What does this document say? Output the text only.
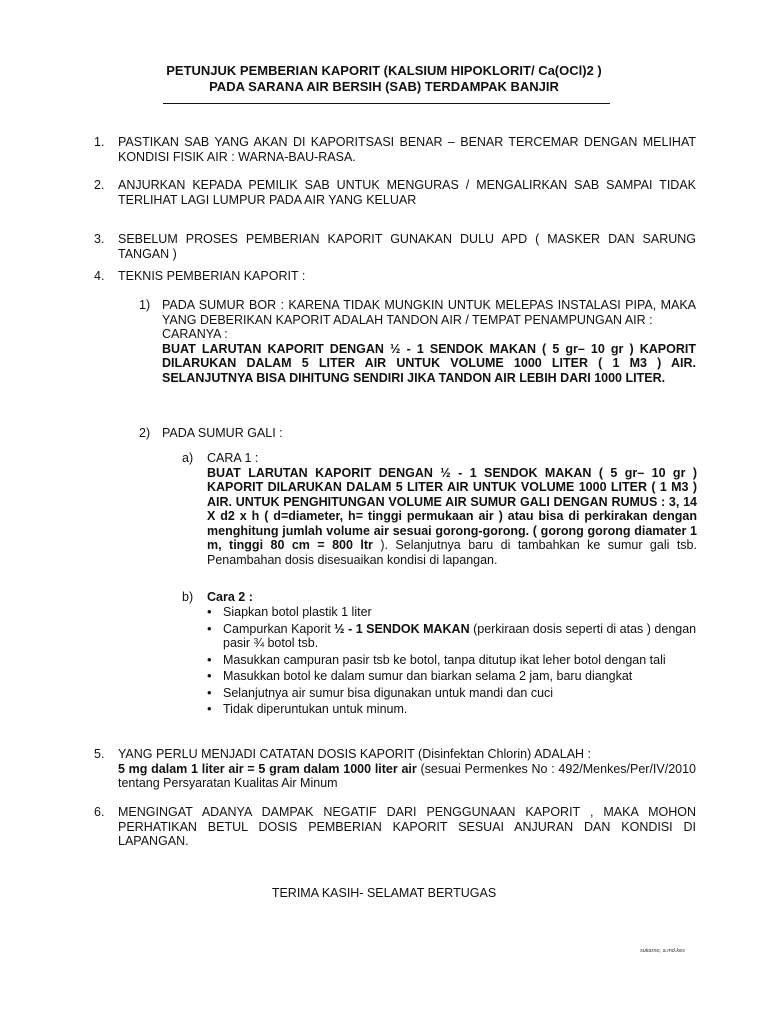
PETUNJUK PEMBERIAN KAPORIT (KALSIUM HIPOKLORIT/ Ca(OCl)2 )
PADA SARANA AIR BERSIH (SAB) TERDAMPAK BANJIR
1. PASTIKAN SAB YANG AKAN DI KAPORITSASI BENAR – BENAR TERCEMAR DENGAN MELIHAT KONDISI FISIK AIR : WARNA-BAU-RASA.
2. ANJURKAN KEPADA PEMILIK SAB UNTUK MENGURAS / MENGALIRKAN SAB SAMPAI TIDAK TERLIHAT LAGI LUMPUR PADA AIR YANG KELUAR
3. SEBELUM PROSES PEMBERIAN KAPORIT GUNAKAN DULU APD ( MASKER DAN SARUNG TANGAN )
4. TEKNIS PEMBERIAN KAPORIT :
1) PADA SUMUR BOR : KARENA TIDAK MUNGKIN UNTUK MELEPAS INSTALASI PIPA, MAKA YANG DEBERIKAN KAPORIT ADALAH TANDON AIR / TEMPAT PENAMPUNGAN AIR :
CARANYA :
BUAT LARUTAN KAPORIT DENGAN ½ - 1 SENDOK MAKAN ( 5 gr– 10 gr ) KAPORIT DILARUKAN DALAM 5 LITER AIR UNTUK VOLUME 1000 LITER ( 1 M3 ) AIR. SELANJUTNYA BISA DIHITUNG SENDIRI JIKA TANDON AIR LEBIH DARI 1000 LITER.
2) PADA SUMUR GALI :
a) CARA 1 :
BUAT LARUTAN KAPORIT DENGAN ½ - 1 SENDOK MAKAN ( 5 gr– 10 gr ) KAPORIT DILARUKAN DALAM 5 LITER AIR UNTUK VOLUME 1000 LITER ( 1 M3 ) AIR. UNTUK PENGHITUNGAN VOLUME AIR SUMUR GALI DENGAN RUMUS : 3, 14 X d2 x h ( d=diameter, h= tinggi permukaan air ) atau bisa di perkirakan dengan menghitung jumlah volume air sesuai gorong-gorong. ( gorong gorong diamater 1 m, tinggi 80 cm = 800 ltr ). Selanjutnya baru di tambahkan ke sumur gali tsb. Penambahan dosis disesuaikan kondisi di lapangan.
b) Cara 2 :
• Siapkan botol plastik 1 liter
• Campurkan Kaporit ½ - 1 SENDOK MAKAN (perkiraan dosis seperti di atas ) dengan pasir ¾ botol tsb.
• Masukkan campuran pasir tsb ke botol, tanpa ditutup ikat leher botol dengan tali
• Masukkan botol ke dalam sumur dan biarkan selama 2 jam, baru diangkat
• Selanjutnya air sumur bisa digunakan untuk mandi dan cuci
• Tidak diperuntukan untuk minum.
5. YANG PERLU MENJADI CATATAN DOSIS KAPORIT (Disinfektan Chlorin) ADALAH :
5 mg dalam 1 liter air = 5 gram dalam 1000 liter air (sesuai Permenkes No : 492/Menkes/Per/IV/2010 tentang Persyaratan Kualitas Air Minum
6. MENGINGAT ADANYA DAMPAK NEGATIF DARI PENGGUNAAN KAPORIT , MAKA MOHON PERHATIKAN BETUL DOSIS PEMBERIAN KAPORIT SESUAI ANJURAN DAN KONDISI DI LAPANGAN.
TERIMA KASIH- SELAMAT BERTUGAS
sukarno, a.md.kes
